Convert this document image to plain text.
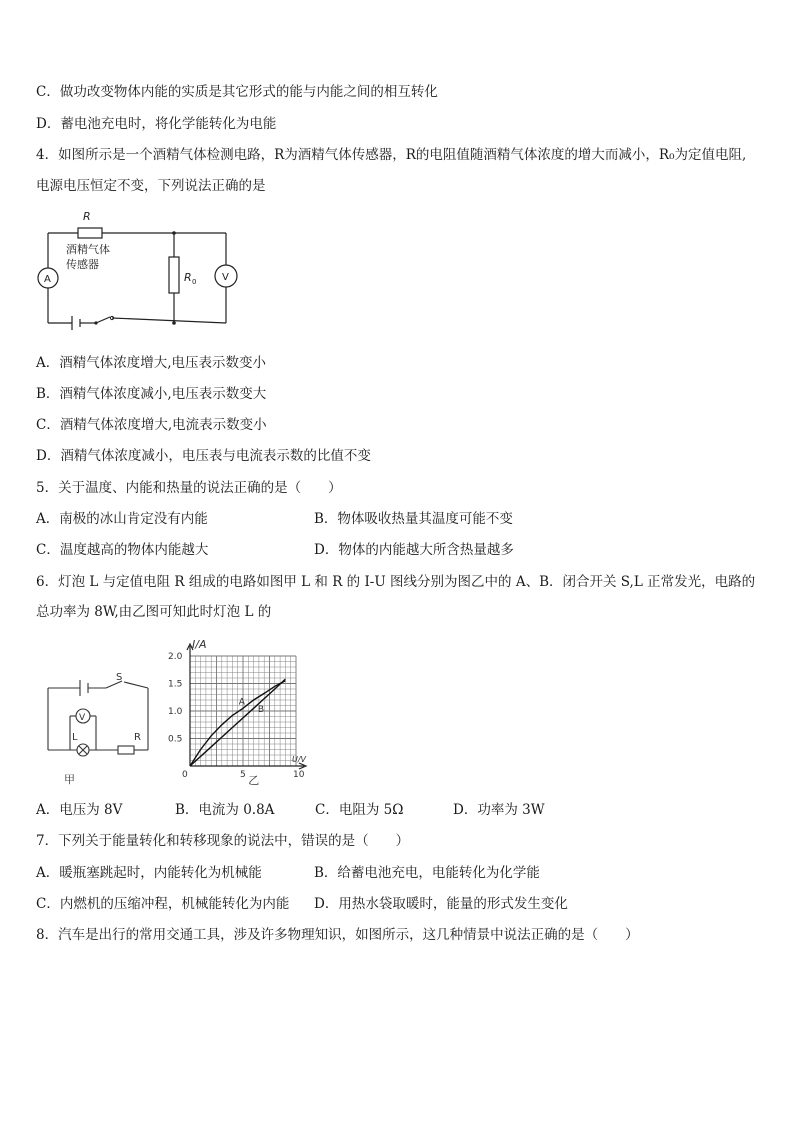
C．做功改变物体内能的实质是其它形式的能与内能之间的相互转化
D．蓄电池充电时，将化学能转化为电能
4．如图所示是一个酒精气体检测电路，R为酒精气体传感器，R的电阻值随酒精气体浓度的增大而减小，R₀为定值电阻,
电源电压恒定不变，下列说法正确的是
R
酒精气体
传感器
A	R 0	V
A．酒精气体浓度增大,电压表示数变小
B．酒精气体浓度减小,电压表示数变大
C．酒精气体浓度增大,电流表示数变小
D．酒精气体浓度减小，电压表与电流表示数的比值不变
5．关于温度、内能和热量的说法正确的是（　　）
A．南极的冰山肯定没有内能	B．物体吸收热量其温度可能不变
C．温度越高的物体内能越大	D．物体的内能越大所含热量越多
6．灯泡 L 与定值电阻 R 组成的电路如图甲 L 和 R 的 I-U 图线分别为图乙中的 A、B．闭合开关 S,L 正常发光，电路的
总功率为 8W,由乙图可知此时灯泡 L 的
S
V
L	R
甲
I/A
U/V
2.0
1.5
1.0
0.5
0	5	10
乙
A
B
A．电压为 8V	B．电流为 0.8A	C．电阻为 5Ω	D．功率为 3W
7．下列关于能量转化和转移现象的说法中，错误的是（　　）
A．暖瓶塞跳起时，内能转化为机械能	B．给蓄电池充电，电能转化为化学能
C．内燃机的压缩冲程，机械能转化为内能 D．用热水袋取暖时，能量的形式发生变化
8．汽车是出行的常用交通工具，涉及许多物理知识，如图所示，这几种情景中说法正确的是（　　）
